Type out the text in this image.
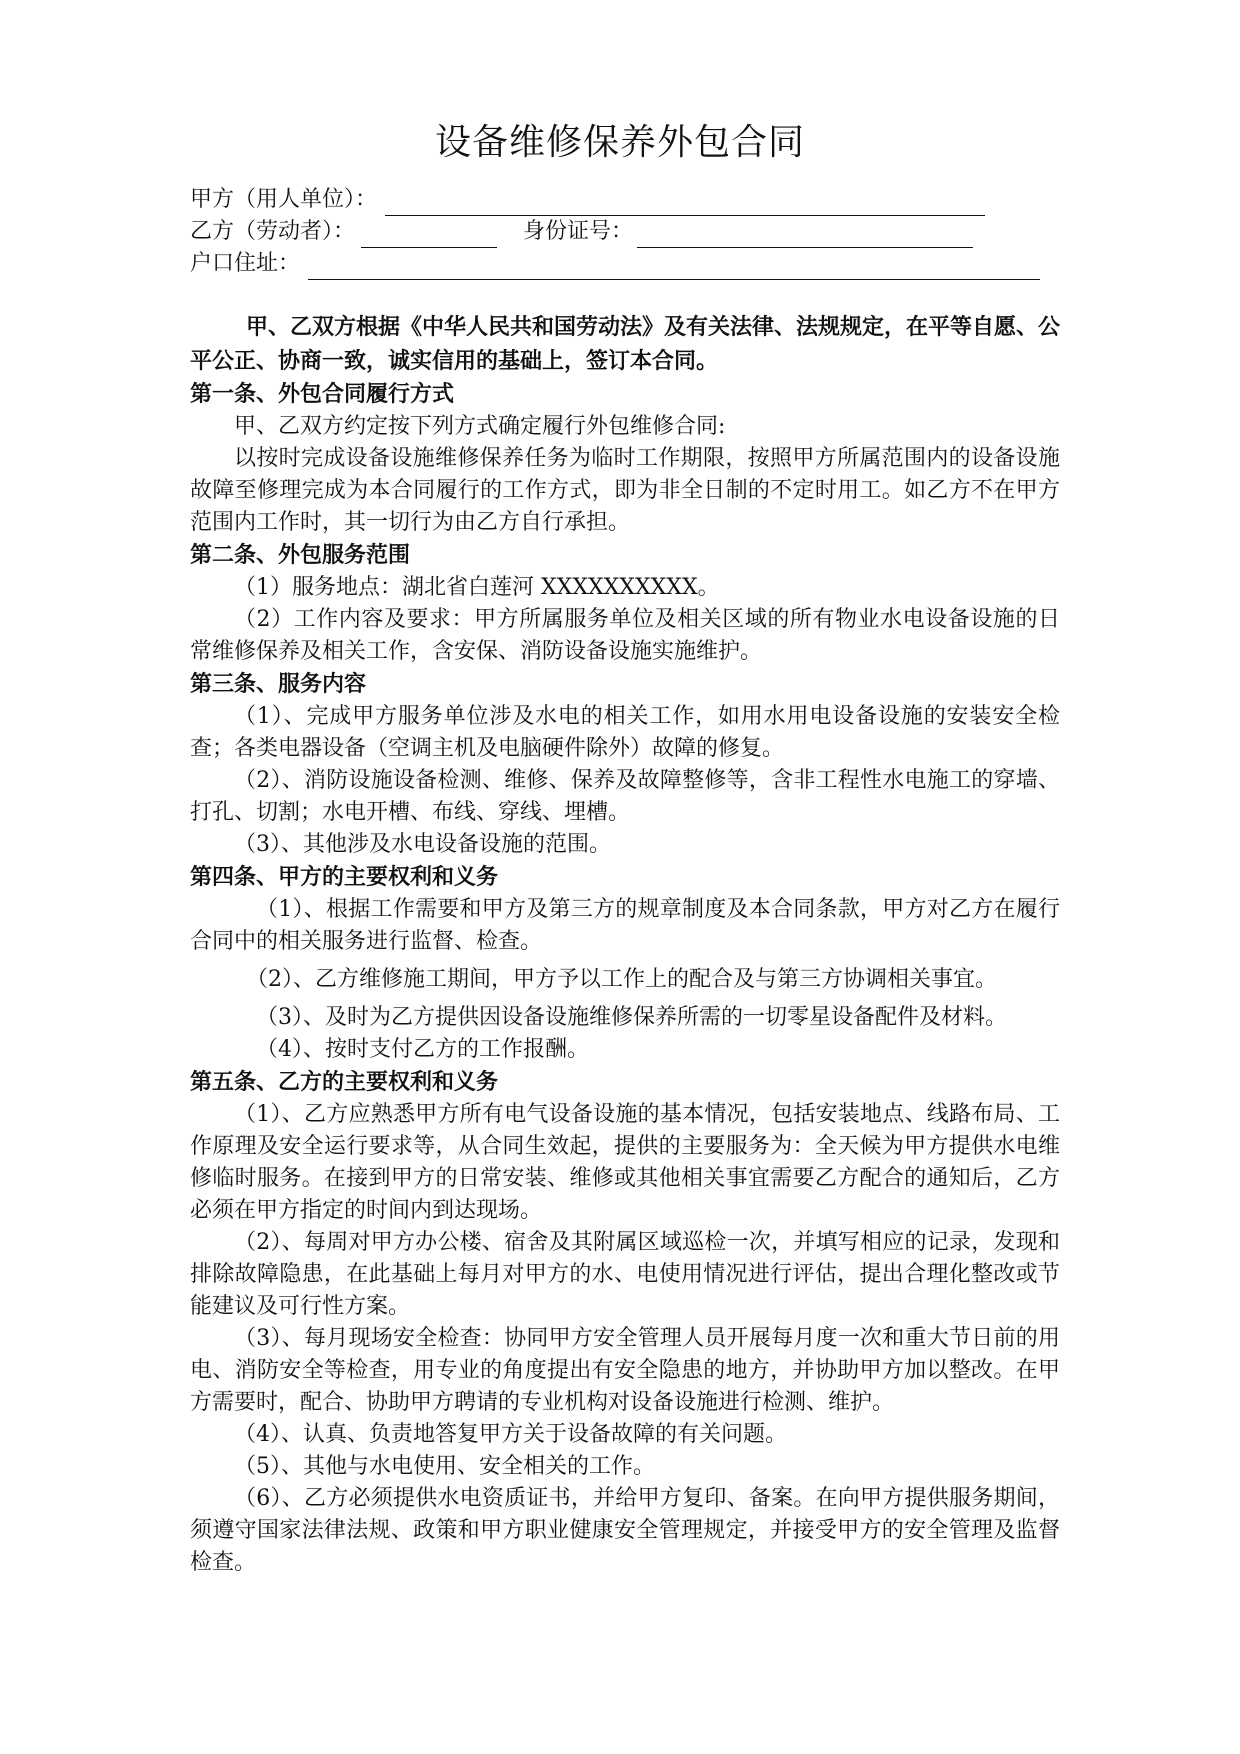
设备维修保养外包合同
甲方（用人单位）：
乙方（劳动者）：	身份证号：
户口住址：

甲、乙双方根据《中华人民共和国劳动法》及有关法律、法规规定，在平等自愿、公平公正、协商一致，诚实信用的基础上，签订本合同。

第一条、外包合同履行方式

甲、乙双方约定按下列方式确定履行外包维修合同:

以按时完成设备设施维修保养任务为临时工作期限，按照甲方所属范围内的设备设施故障至修理完成为本合同履行的工作方式，即为非全日制的不定时用工。如乙方不在甲方范围内工作时，其一切行为由乙方自行承担。

第二条、外包服务范围

（1）服务地点：湖北省白莲河 XXXXXXXXXX。

（2）工作内容及要求：甲方所属服务单位及相关区域的所有物业水电设备设施的日常维修保养及相关工作，含安保、消防设备设施实施维护。

第三条、服务内容

（1）、完成甲方服务单位涉及水电的相关工作，如用水用电设备设施的安装安全检查；各类电器设备（空调主机及电脑硬件除外）故障的修复。

（2）、消防设施设备检测、维修、保养及故障整修等，含非工程性水电施工的穿墙、打孔、切割；水电开槽、布线、穿线、埋槽。

（3）、其他涉及水电设备设施的范围。

第四条、甲方的主要权利和义务

（1）、根据工作需要和甲方及第三方的规章制度及本合同条款，甲方对乙方在履行合同中的相关服务进行监督、检查。

（2）、乙方维修施工期间，甲方予以工作上的配合及与第三方协调相关事宜。

（3）、及时为乙方提供因设备设施维修保养所需的一切零星设备配件及材料。

（4）、按时支付乙方的工作报酬。

第五条、乙方的主要权利和义务

（1）、乙方应熟悉甲方所有电气设备设施的基本情况，包括安装地点、线路布局、工作原理及安全运行要求等，从合同生效起，提供的主要服务为：全天候为甲方提供水电维修临时服务。在接到甲方的日常安装、维修或其他相关事宜需要乙方配合的通知后，乙方必须在甲方指定的时间内到达现场。

（2）、每周对甲方办公楼、宿舍及其附属区域巡检一次，并填写相应的记录，发现和排除故障隐患，在此基础上每月对甲方的水、电使用情况进行评估，提出合理化整改或节能建议及可行性方案。

（3）、每月现场安全检查：协同甲方安全管理人员开展每月度一次和重大节日前的用电、消防安全等检查，用专业的角度提出有安全隐患的地方，并协助甲方加以整改。在甲方需要时，配合、协助甲方聘请的专业机构对设备设施进行检测、维护。

（4）、认真、负责地答复甲方关于设备故障的有关问题。

（5）、其他与水电使用、安全相关的工作。

（6）、乙方必须提供水电资质证书，并给甲方复印、备案。在向甲方提供服务期间，须遵守国家法律法规、政策和甲方职业健康安全管理规定，并接受甲方的安全管理及监督检查。
